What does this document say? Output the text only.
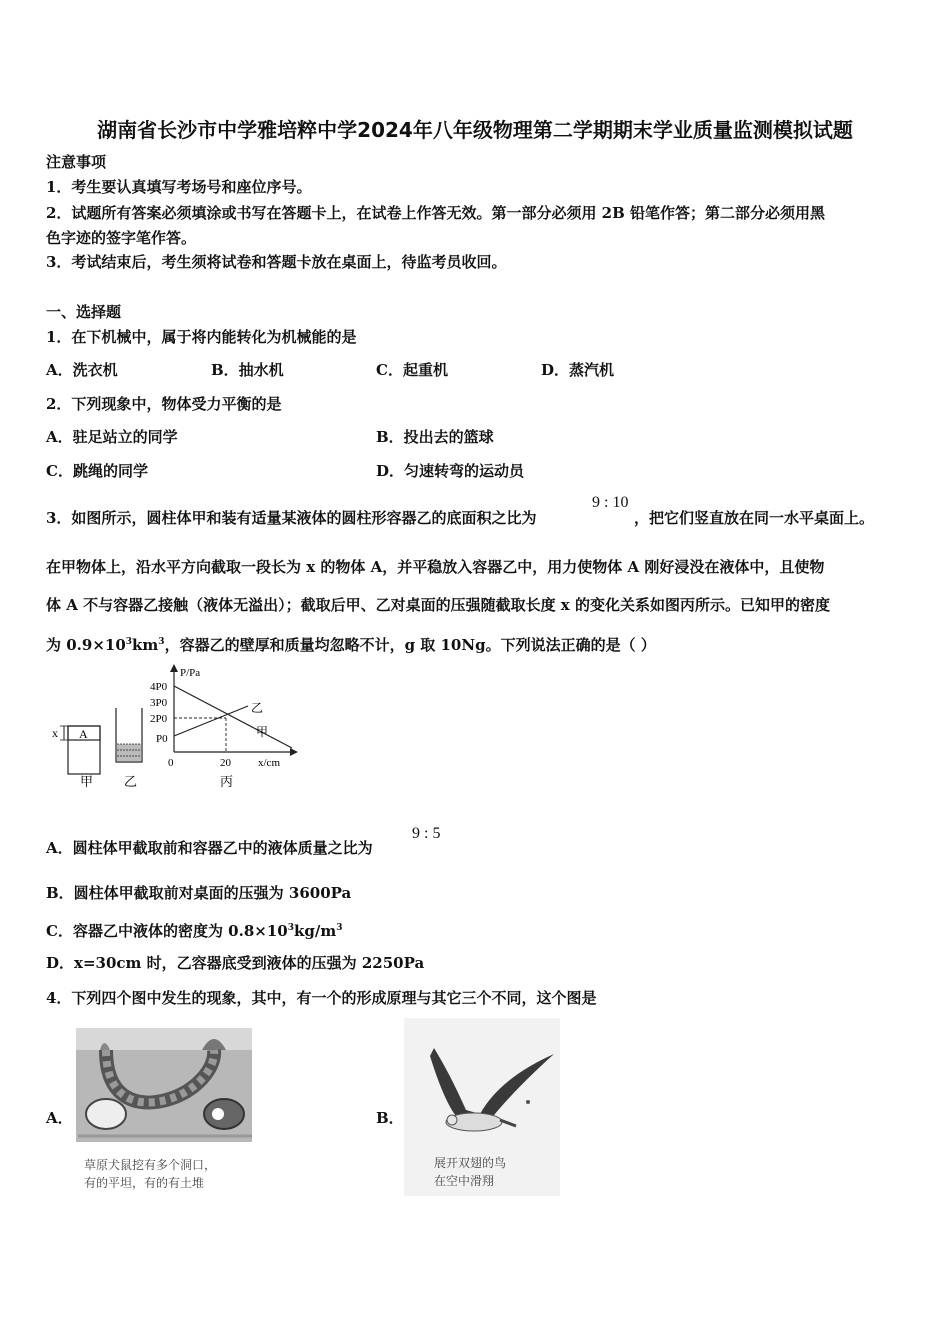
湖南省长沙市中学雅培粹中学2024年八年级物理第二学期期末学业质量监测模拟试题
注意事项
1．考生要认真填写考场号和座位序号。
2．试题所有答案必须填涂或书写在答题卡上，在试卷上作答无效。第一部分必须用 2B 铅笔作答；第二部分必须用黑
色字迹的签字笔作答。
3．考试结束后，考生须将试卷和答题卡放在桌面上，待监考员收回。
一、选择题
1．在下机械中，属于将内能转化为机械能的是
A．洗衣机	B．抽水机	C．起重机	D．蒸汽机
2．下列现象中，物体受力平衡的是
A．驻足站立的同学	B．投出去的篮球
C．跳绳的同学	D．匀速转弯的运动员
3．如图所示，圆柱体甲和装有适量某液体的圆柱形容器乙的底面积之比为
9 : 10
，把它们竖直放在同一水平桌面上。
在甲物体上，沿水平方向截取一段长为 x 的物体 A，并平稳放入容器乙中，用力使物体 A 刚好浸没在液体中，且使物
体 A 不与容器乙接触（液体无溢出）；截取后甲、乙对桌面的压强随截取长度 x 的变化关系如图丙所示。已知甲的密度
为 $0.9\times 10^3km^3$，容器乙的壁厚和质量均忽略不计，g 取 10Ng。下列说法正确的是（ ）
x A
甲 乙
P/Pa
4P0
3P0
2P0
P0
0	20 x/cm
乙
甲
丙
A．圆柱体甲截取前和容器乙中的液体质量之比为
9 : 5
B．圆柱体甲截取前对桌面的压强为 3600Pa
C．容器乙中液体的密度为 $0.8\times 10^3kg/m^3$
D．x=30cm 时，乙容器底受到液体的压强为 2250Pa
4．下列四个图中发生的现象，其中，有一个的形成原理与其它三个不同，这个图是
A．
草原犬鼠挖有多个洞口，
有的平坦，有的有土堆
B．
展开双翅的鸟
在空中滑翔
